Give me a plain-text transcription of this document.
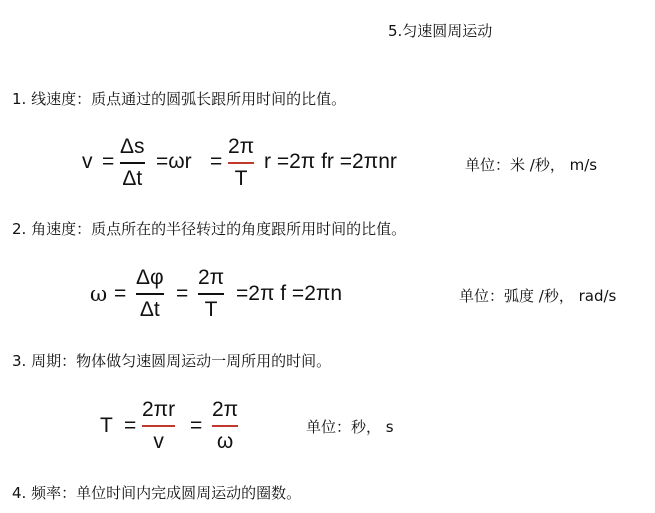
5.匀速圆周运动
1. 线速度：质点通过的圆弧长跟所用时间的比值。
v =
Δs
Δt
=ωr =
2π
T
r =2π fr =2πnr	单位：米 /秒， m/s
2. 角速度：质点所在的半径转过的角度跟所用时间的比值。
ω =
Δφ
Δt
=
2π
T
=2π f =2πn	单位：弧度 /秒， rad/s
3. 周期：物体做匀速圆周运动一周所用的时间。
T =
2πr
v
=
2π
ω
单位：秒， s
4. 频率：单位时间内完成圆周运动的圈数。
